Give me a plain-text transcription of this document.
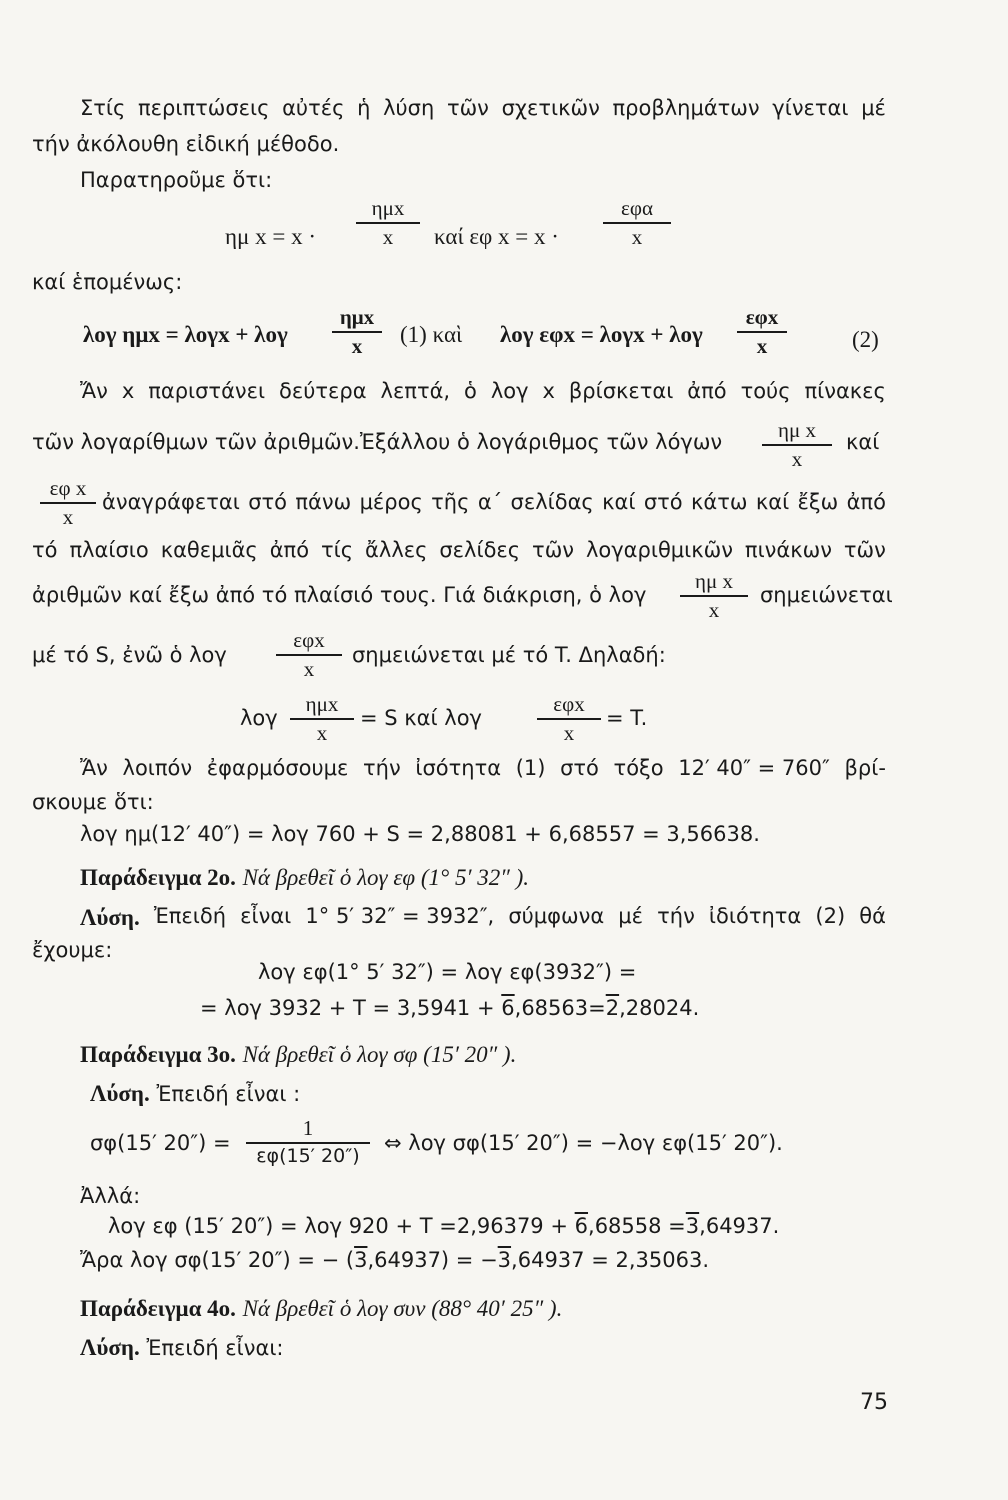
Στίς περιπτώσεις αὐτές ἡ λύση τῶν σχετικῶν προβλημάτων γίνεται μέ
τήν ἀκόλουθη εἰδική μέθοδο.
Παρατηροῦμε ὅτι:
ημ x = x ·
ημx
x	καί εφ x = x ·
εφα
x
καί ἑπομένως:
λογ ημx = λογx + λογ
ημx
x	(1) καὶ λογ εφx = λογx + λογ
εφx
x	(2)
Ἄν x παριστάνει δεύτερα λεπτά, ὁ λογ x βρίσκεται ἀπό τούς πίνακες
τῶν λογαρίθμων τῶν ἀριθμῶν.Ἐξάλλου ὁ λογάριθμος τῶν λόγων	ημ x
x
καί
εφ x
x
ἀναγράφεται στό πάνω μέρος τῆς α΄ σελίδας καί στό κάτω καί ἔξω ἀπό
τό πλαίσιο καθεμιᾶς ἀπό τίς ἄλλες σελίδες τῶν λογαριθμικῶν πινάκων τῶν
ἀριθμῶν καί ἔξω ἀπό τό πλαίσιό τους. Γιά διάκριση, ὁ λογ
ημ x
x
σημειώνεται
μέ τό S, ἐνῶ ὁ λογ
εφx
x
σημειώνεται μέ τό T. Δηλαδή:
λογ
ημx
x
= S καί λογ
εφx
x
= T.
Ἄν λοιπόν ἐφαρμόσουμε τήν ἰσότητα (1) στό τόξο 12′ 40″ = 760″ βρί-
σκουμε ὅτι:
λογ ημ(12′ 40″) = λογ 760 + S = 2,88081 + 6,68557 = 3,56638.
Παράδειγμα 2ο. Νά βρεθεῖ ὁ λογ εφ (1° 5′ 32″ ).
Λύση. Ἐπειδή εἶναι 1° 5′ 32″ = 3932″, σύμφωνα μέ τήν ἰδιότητα (2) θά
ἔχουμε:
λογ εφ(1° 5′ 32″) = λογ εφ(3932″) =
= λογ 3932 + T = 3,5941 + 6,68563=2,28024.
Παράδειγμα 3ο. Νά βρεθεῖ ὁ λογ σφ (15′ 20″ ).
Λύση. Ἐπειδή εἶναι :
σφ(15′ 20″) =
1
εφ(15′ 20″)
⇔ λογ σφ(15′ 20″) = −λογ εφ(15′ 20″).
Ἀλλά:
λογ εφ (15′ 20″) = λογ 920 + T =2,96379 + 6,68558 =3,64937.
Ἄρα λογ σφ(15′ 20″) = − (3,64937) = −3,64937 = 2,35063.
Παράδειγμα 4ο. Νά βρεθεῖ ὁ λογ συν (88° 40′ 25″ ).
Λύση. Ἐπειδή εἶναι:
75
